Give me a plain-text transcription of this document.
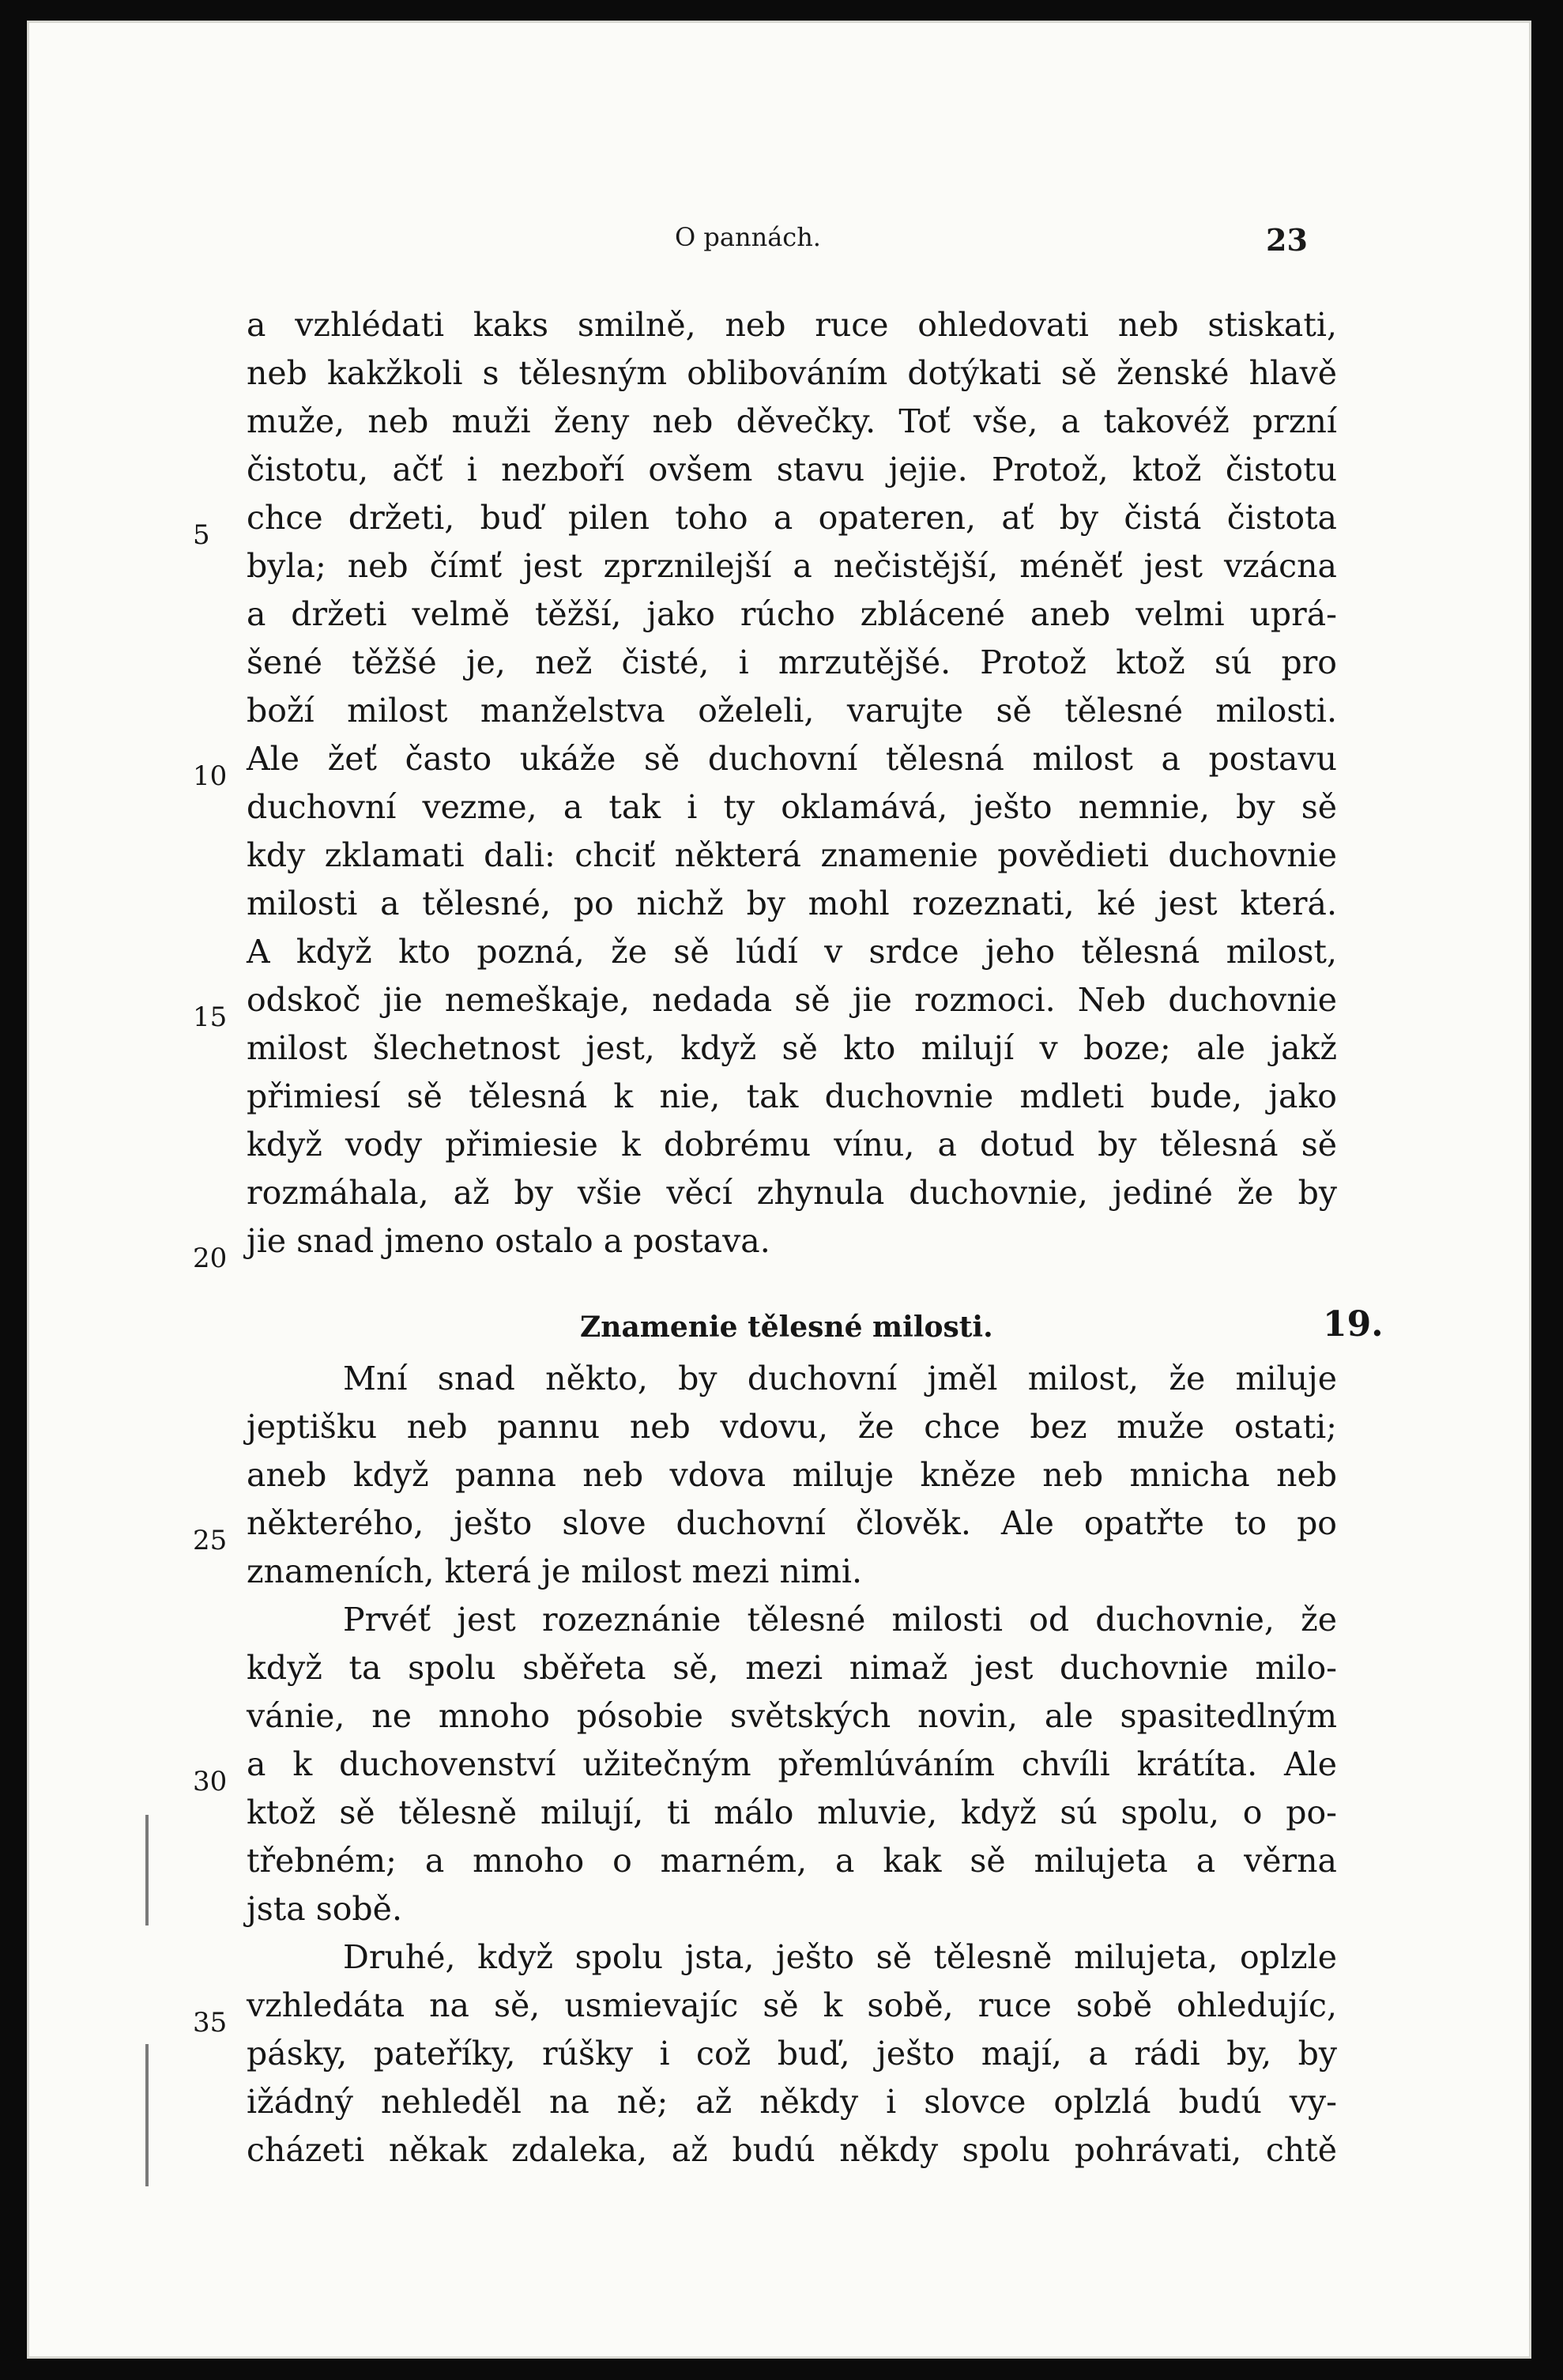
O pannách.	23
a vzhlédati kaks smilně, neb ruce ohledovati neb stiskati,
neb kakžkoli s tělesným oblibováním dotýkati sě ženské hlavě
muže, neb muži ženy neb děvečky. Toť vše, a takovéž przní
čistotu, ačť i nezboří ovšem stavu jejie. Protož, ktož čistotu
chce držeti, buď pilen toho a opateren, ať by čistá čistota
byla; neb čímť jest zprznilejší a nečistější, méněť jest vzácna
a držeti velmě těžší, jako rúcho zblácené aneb velmi uprá-
šené těžšé je, než čisté, i mrzutějšé. Protož ktož sú pro
boží milost manželstva oželeli, varujte sě tělesné milosti.
Ale žeť často ukáže sě duchovní tělesná milost a postavu
duchovní vezme, a tak i ty oklamává, ješto nemnie, by sě
kdy zklamati dali: chciť některá znamenie povědieti duchovnie
milosti a tělesné, po nichž by mohl rozeznati, ké jest která.
A když kto pozná, že sě lúdí v srdce jeho tělesná milost,
odskoč jie nemeškaje, nedada sě jie rozmoci. Neb duchovnie
milost šlechetnost jest, když sě kto milují v boze; ale jakž
přimiesí sě tělesná k nie, tak duchovnie mdleti bude, jako
když vody přimiesie k dobrému vínu, a dotud by tělesná sě
rozmáhala, až by všie věcí zhynula duchovnie, jediné že by
jie snad jmeno ostalo a postava.
Znamenie tělesné milosti.	19.
Mní snad někto, by duchovní jměl milost, že miluje
jeptišku neb pannu neb vdovu, že chce bez muže ostati;
aneb když panna neb vdova miluje kněze neb mnicha neb
některého, ješto slove duchovní člověk. Ale opatřte to po
znameních, která je milost mezi nimi.
Prvéť jest rozeznánie tělesné milosti od duchovnie, že
když ta spolu sběřeta sě, mezi nimaž jest duchovnie milo-
vánie, ne mnoho pósobie světských novin, ale spasitedlným
a k duchovenství užitečným přemlúváním chvíli krátíta. Ale
ktož sě tělesně milují, ti málo mluvie, když sú spolu, o po-
třebném; a mnoho o marném, a kak sě milujeta a věrna
jsta sobě.
Druhé, když spolu jsta, ješto sě tělesně milujeta, oplzle
vzhledáta na sě, usmievajíc sě k sobě, ruce sobě ohledujíc,
pásky, pateříky, rúšky i což buď, ješto mají, a rádi by, by
ižádný nehleděl na ně; až někdy i slovce oplzlá budú vy-
cházeti někak zdaleka, až budú někdy spolu pohrávati, chtě
5
10
15
20
25
30
35
